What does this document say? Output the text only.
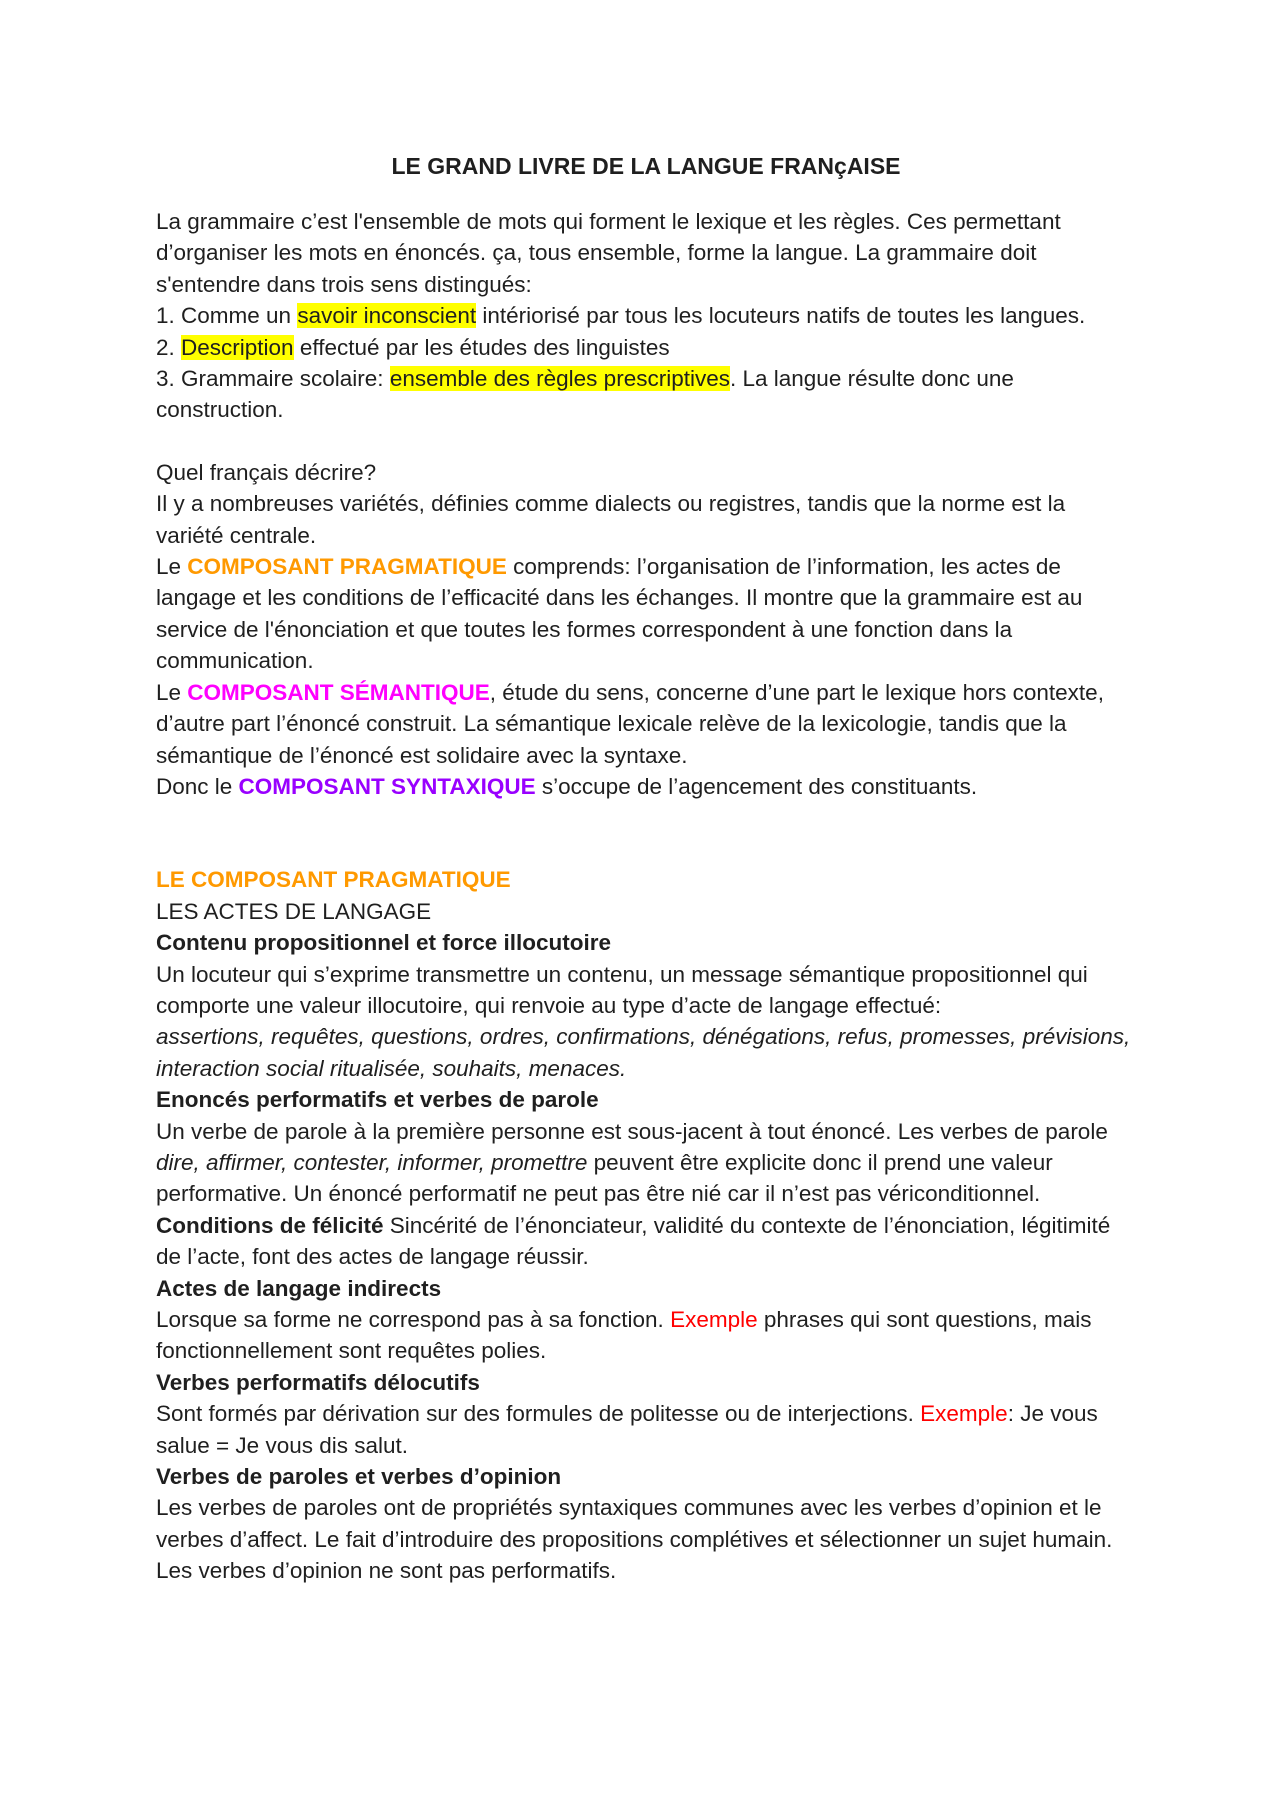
LE GRAND LIVRE DE LA LANGUE FRANçAISE

La grammaire c’est l'ensemble de mots qui forment le lexique et les règles. Ces permettant d’organiser les mots en énoncés. ça, tous ensemble, forme la langue. La grammaire doit s'entendre dans trois sens distingués:

1. Comme un savoir inconscient intériorisé par tous les locuteurs natifs de toutes les langues.

2. Description effectué par les études des linguistes

3. Grammaire scolaire: ensemble des règles prescriptives. La langue résulte donc une construction.

Quel français décrire?

Il y a nombreuses variétés, définies comme dialects ou registres, tandis que la norme est la variété centrale.

Le COMPOSANT PRAGMATIQUE comprends: l’organisation de l’information, les actes de langage et les conditions de l’efficacité dans les échanges. Il montre que la grammaire est au service de l'énonciation et que toutes les formes correspondent à une fonction dans la communication.

Le COMPOSANT SÉMANTIQUE, étude du sens, concerne d’une part le lexique hors contexte, d’autre part l’énoncé construit. La sémantique lexicale relève de la lexicologie, tandis que la sémantique de l’énoncé est solidaire avec la syntaxe.

Donc le COMPOSANT SYNTAXIQUE s’occupe de l’agencement des constituants.

LE COMPOSANT PRAGMATIQUE

LES ACTES DE LANGAGE

Contenu propositionnel et force illocutoire

Un locuteur qui s’exprime transmettre un contenu, un message sémantique propositionnel qui comporte une valeur illocutoire, qui renvoie au type d’acte de langage effectué:

assertions, requêtes, questions, ordres, confirmations, dénégations, refus, promesses, prévisions, interaction social ritualisée, souhaits, menaces.

Enoncés performatifs et verbes de parole

Un verbe de parole à la première personne est sous-jacent à tout énoncé. Les verbes de parole dire, affirmer, contester, informer, promettre peuvent être explicite donc il prend une valeur performative. Un énoncé performatif ne peut pas être nié car il n’est pas vériconditionnel.

Conditions de félicité Sincérité de l’énonciateur, validité du contexte de l’énonciation, légitimité de l’acte, font des actes de langage réussir.

Actes de langage indirects

Lorsque sa forme ne correspond pas à sa fonction. Exemple phrases qui sont questions, mais fonctionnellement sont requêtes polies.

Verbes performatifs délocutifs

Sont formés par dérivation sur des formules de politesse ou de interjections. Exemple: Je vous salue = Je vous dis salut.

Verbes de paroles et verbes d’opinion

Les verbes de paroles ont de propriétés syntaxiques communes avec les verbes d’opinion et le verbes d’affect. Le fait d’introduire des propositions complétives et sélectionner un sujet humain. Les verbes d’opinion ne sont pas performatifs.
